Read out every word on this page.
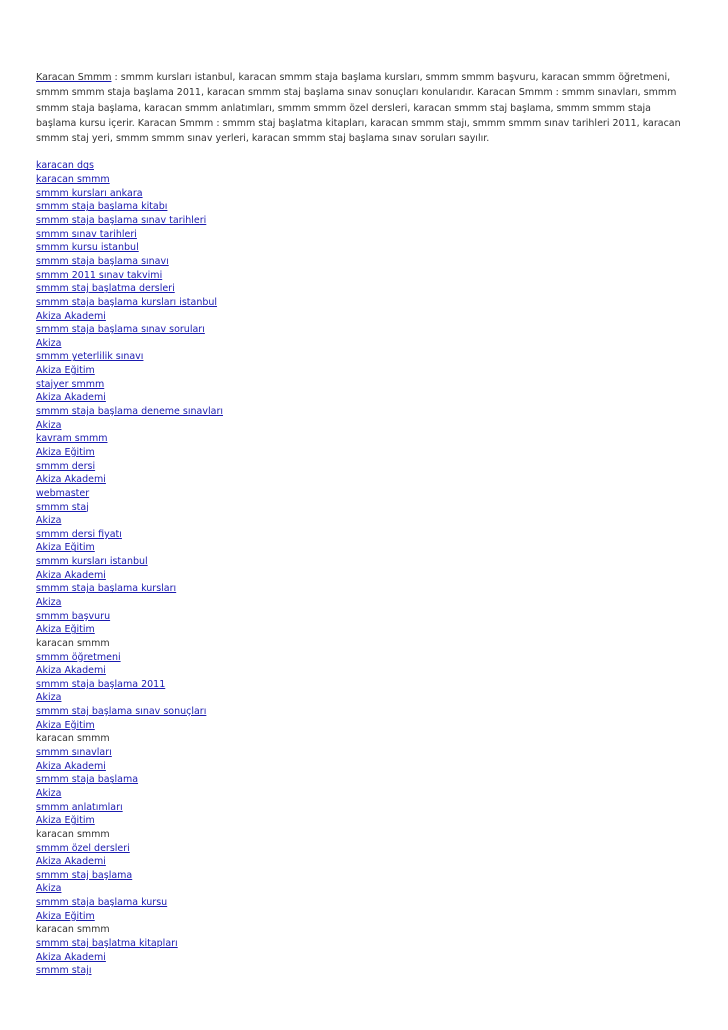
Karacan Smmm : smmm kursları istanbul, karacan smmm staja başlama kursları, smmm smmm başvuru, karacan smmm öğretmeni, smmm smmm staja başlama 2011, karacan smmm staj başlama sınav sonuçları konularıdır. Karacan Smmm : smmm sınavları, smmm smmm staja başlama, karacan smmm anlatımları, smmm smmm özel dersleri, karacan smmm staj başlama, smmm smmm staja başlama kursu içerir. Karacan Smmm : smmm staj başlatma kitapları, karacan smmm stajı, smmm smmm sınav tarihleri 2011, karacan smmm staj yeri, smmm smmm sınav yerleri, karacan smmm staj başlama sınav soruları sayılır.

karacan dgs
karacan smmm
smmm kursları ankara
smmm staja başlama kitabı
smmm staja başlama sınav tarihleri
smmm sınav tarihleri
smmm kursu istanbul
smmm staja başlama sınavı
smmm 2011 sınav takvimi
smmm staj başlatma dersleri
smmm staja başlama kursları istanbul
Akiza Akademi
smmm staja başlama sınav soruları
Akiza
smmm yeterlilik sınavı
Akiza Eğitim
stajyer smmm
Akiza Akademi
smmm staja başlama deneme sınavları
Akiza
kavram smmm
Akiza Eğitim
smmm dersi
Akiza Akademi
webmaster
smmm staj
Akiza
smmm dersi fiyatı
Akiza Eğitim
smmm kursları istanbul
Akiza Akademi
smmm staja başlama kursları
Akiza
smmm başvuru
Akiza Eğitim
karacan smmm
smmm öğretmeni
Akiza Akademi
smmm staja başlama 2011
Akiza
smmm staj başlama sınav sonuçları
Akiza Eğitim
karacan smmm
smmm sınavları
Akiza Akademi
smmm staja başlama
Akiza
smmm anlatımları
Akiza Eğitim
karacan smmm
smmm özel dersleri
Akiza Akademi
smmm staj başlama
Akiza
smmm staja başlama kursu
Akiza Eğitim
karacan smmm
smmm staj başlatma kitapları
Akiza Akademi
smmm stajı
